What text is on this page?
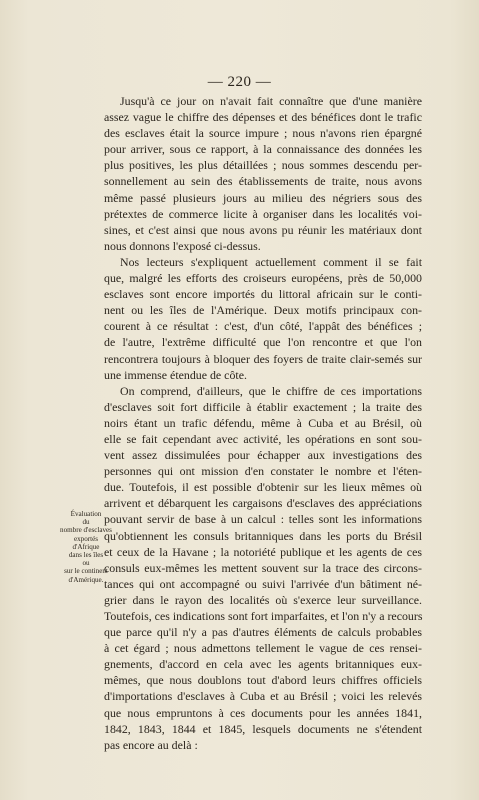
— 220 —
Évaluation
du
nombre d'esclaves
exportés
d'Afrique
dans les îles
ou
sur le continent
d'Amérique.
Jusqu'à ce jour on n'avait fait connaître que d'une manière
assez vague le chiffre des dépenses et des bénéfices dont le trafic
des esclaves était la source impure ; nous n'avons rien épargné
pour arriver, sous ce rapport, à la connaissance des données les
plus positives, les plus détaillées ; nous sommes descendu per-
sonnellement au sein des établissements de traite, nous avons
même passé plusieurs jours au milieu des négriers sous des
prétextes de commerce licite à organiser dans les localités voi-
sines, et c'est ainsi que nous avons pu réunir les matériaux dont
nous donnons l'exposé ci-dessus.
Nos lecteurs s'expliquent actuellement comment il se fait
que, malgré les efforts des croiseurs européens, près de 50,000
esclaves sont encore importés du littoral africain sur le conti-
nent ou les îles de l'Amérique. Deux motifs principaux con-
courent à ce résultat : c'est, d'un côté, l'appât des bénéfices ;
de l'autre, l'extrême difficulté que l'on rencontre et que l'on
rencontrera toujours à bloquer des foyers de traite clair-semés sur
une immense étendue de côte.
On comprend, d'ailleurs, que le chiffre de ces importations
d'esclaves soit fort difficile à établir exactement ; la traite des
noirs étant un trafic défendu, même à Cuba et au Brésil, où
elle se fait cependant avec activité, les opérations en sont sou-
vent assez dissimulées pour échapper aux investigations des
personnes qui ont mission d'en constater le nombre et l'éten-
due. Toutefois, il est possible d'obtenir sur les lieux mêmes où
arrivent et débarquent les cargaisons d'esclaves des appréciations
pouvant servir de base à un calcul : telles sont les informations
qu'obtiennent les consuls britanniques dans les ports du Brésil
et ceux de la Havane ; la notoriété publique et les agents de ces
consuls eux-mêmes les mettent souvent sur la trace des circons-
tances qui ont accompagné ou suivi l'arrivée d'un bâtiment né-
grier dans le rayon des localités où s'exerce leur surveillance.
Toutefois, ces indications sont fort imparfaites, et l'on n'y a recours
que parce qu'il n'y a pas d'autres éléments de calculs probables
à cet égard ; nous admettons tellement le vague de ces rensei-
gnements, d'accord en cela avec les agents britanniques eux-
mêmes, que nous doublons tout d'abord leurs chiffres officiels
d'importations d'esclaves à Cuba et au Brésil ; voici les relevés
que nous empruntons à ces documents pour les années 1841,
1842, 1843, 1844 et 1845, lesquels documents ne s'étendent
pas encore au delà :
